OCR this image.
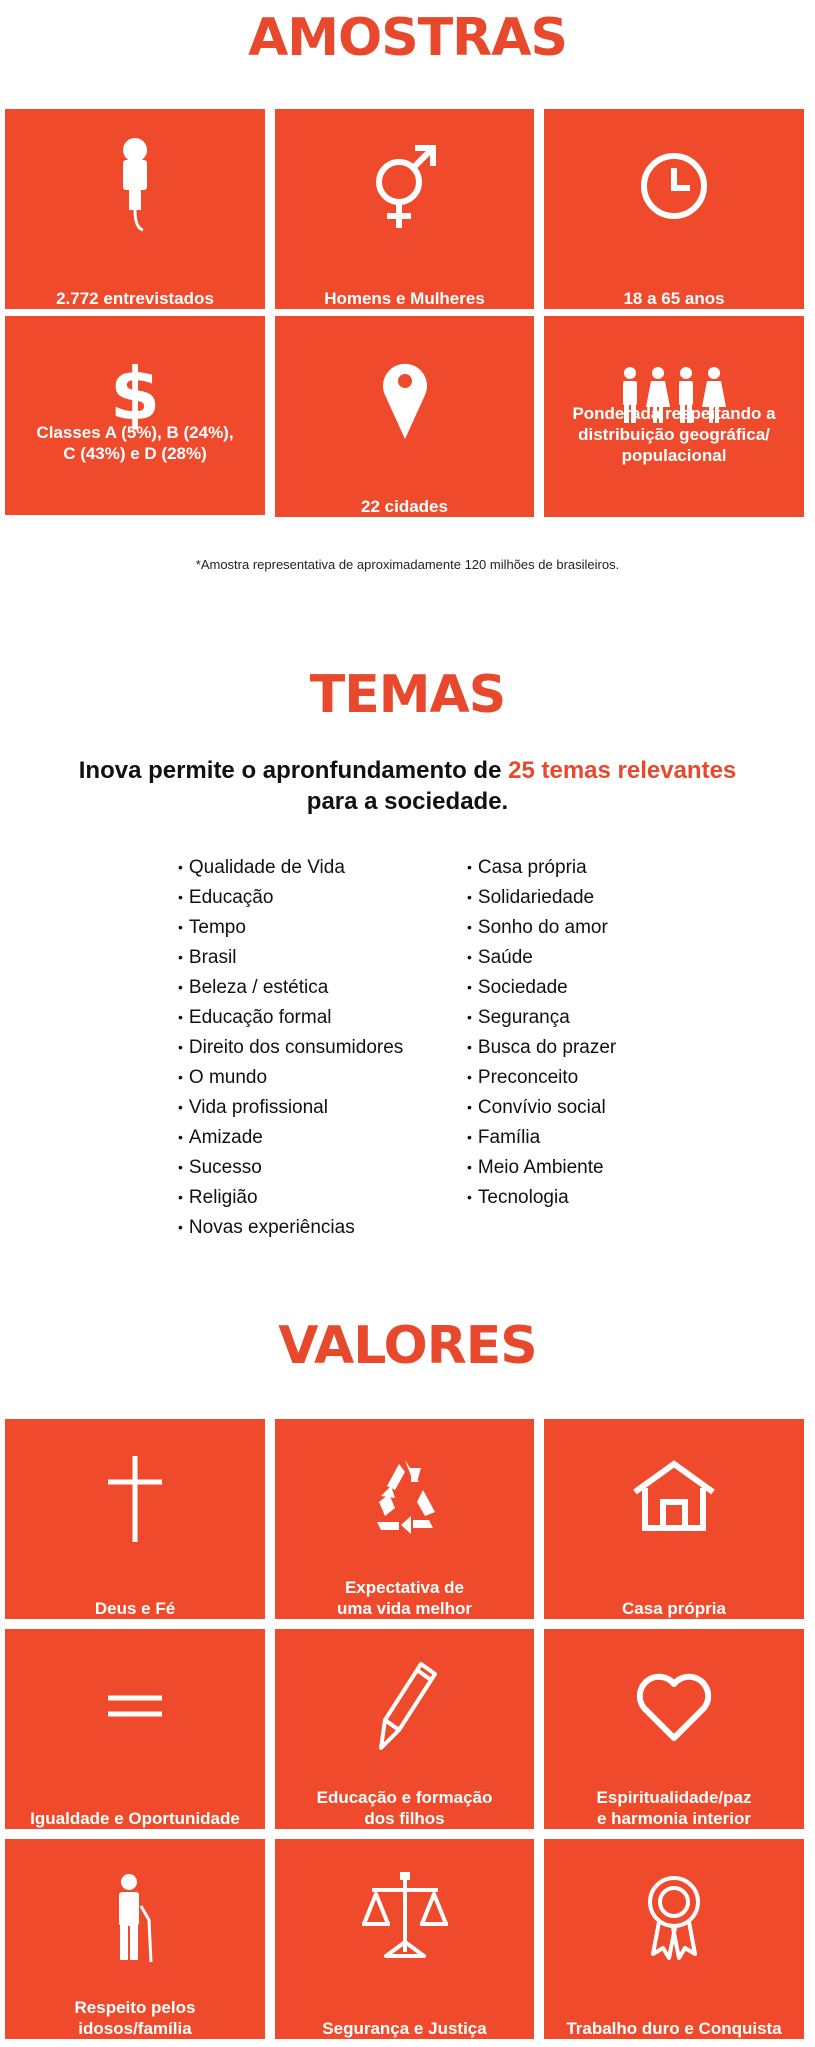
AMOSTRAS
2.772 entrevistados	Homens e Mulheres	18 a 65 anos
$
Classes A (5%), B (24%),
C (43%) e D (28%)
22 cidades
Ponderada respeitando a
distribuição geográfica/
populacional
*Amostra representativa de aproximadamente 120 milhões de brasileiros.
TEMAS
Inova permite o apronfundamento de 25 temas relevantes
para a sociedade.
• Qualidade de Vida
• Educação
• Tempo
• Brasil
• Beleza / estética
• Educação formal
• Direito dos consumidores
• O mundo
• Vida profissional
• Amizade
• Sucesso
• Religião
• Novas experiências
• Casa própria
• Solidariedade
• Sonho do amor
• Saúde
• Sociedade
• Segurança
• Busca do prazer
• Preconceito
• Convívio social
• Família
• Meio Ambiente
• Tecnologia
VALORES
Deus e Fé
Expectativa de
uma vida melhor	Casa própria
Igualdade e Oportunidade
Educação e formação
dos filhos
Espiritualidade/paz
e harmonia interior
Respeito pelos
idosos/família	Segurança e Justiça	Trabalho duro e Conquista
